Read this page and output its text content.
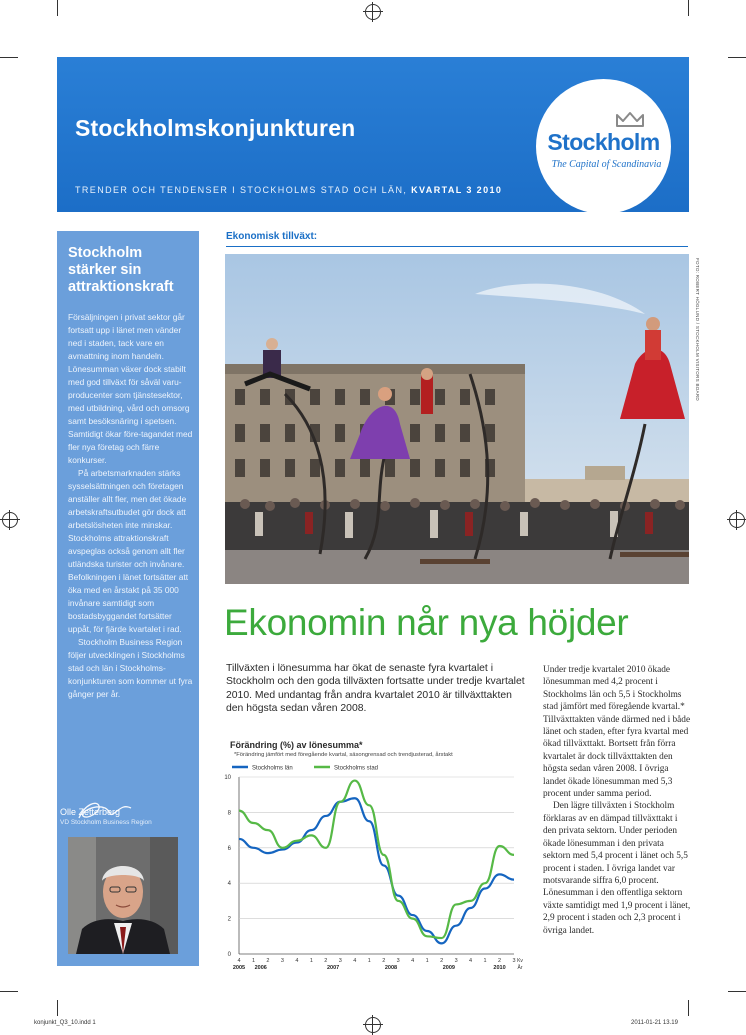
Stockholmskonjunkturen
TRENDER OCH TENDENSER I STOCKHOLMS STAD OCH LÄN, KVARTAL 3 2010
Stockholm
The Capital of Scandinavia
Stockholm stärker sin attraktionskraft

Försäljningen i privat sektor går fortsatt upp i länet men vänder ned i staden, tack vare en avmattning inom handeln. Lönesumman växer dock stabilt med god tillväxt för såväl varu-producenter som tjänstesektor, med utbildning, vård och omsorg samt besöksnäring i spetsen. Samtidigt ökar före-tagandet med fler nya företag och färre konkurser.

På arbetsmarknaden stärks sysselsättningen och företagen anställer allt fler, men det ökade arbetskraftsutbudet gör dock att arbetslösheten inte minskar. Stockholms attraktionskraft avspeglas också genom allt fler utländska turister och invånare. Befolkningen i länet fortsätter att öka med en årstakt på 35 000 invånare samtidigt som bostadsbyggandet fortsätter uppåt, för fjärde kvartalet i rad.

Stockholm Business Region följer utvecklingen i Stockholms stad och län i Stockholms-konjunkturen som kommer ut fyra gånger per år.

Olle Zetterberg
VD Stockholm Business Region
Ekonomisk tillväxt:
FOTO: ROBERT HÖGLUND / STOCKHOLM VISITORS BOARD
Ekonomin når nya höjder
Tillväxten i lönesumma har ökat de senaste fyra kvartalet i Stockholm och den goda tillväxten fortsatte under tredje kvartalet 2010. Med undantag från andra kvartalet 2010 är tillväxttakten den högsta sedan våren 2008.
Förändring (%) av lönesumma*
*Förändring jämfört med föregående kvartal, säsongrensad och trendjusterad, årstakt
Stockholms län	Stockholms stad
0
2
4
6
8
10
4 1 2 3 4 1 2 3 4 1 2 3 4 1 2 3 4 1 2 3
2005 2006	2007	2008	2009	2010
Kv
År

Under tredje kvartalet 2010 ökade lönesumman med 4,2 procent i Stockholms län och 5,5 i Stockholms stad jämfört med föregående kvartal.* Tillväxttakten vände därmed ned i både länet och staden, efter fyra kvartal med ökad tillväxttakt. Bortsett från förra kvartalet är dock tillväxttakten den högsta sedan våren 2008. I övriga landet ökade lönesumman med 5,3 procent under samma period.

Den lägre tillväxten i Stockholm förklaras av en dämpad tillväxttakt i den privata sektorn. Under perioden ökade lönesumman i den privata sektorn med 5,4 procent i länet och 5,5 procent i staden. I övriga landet var motsvarande siffra 6,0 procent. Lönesumman i den offentliga sektorn växte samtidigt med 1,9 procent i länet, 2,9 procent i staden och 2,3 procent i övriga landet.

konjunkt_Q3_10.indd 1	2011-01-21 13.19
